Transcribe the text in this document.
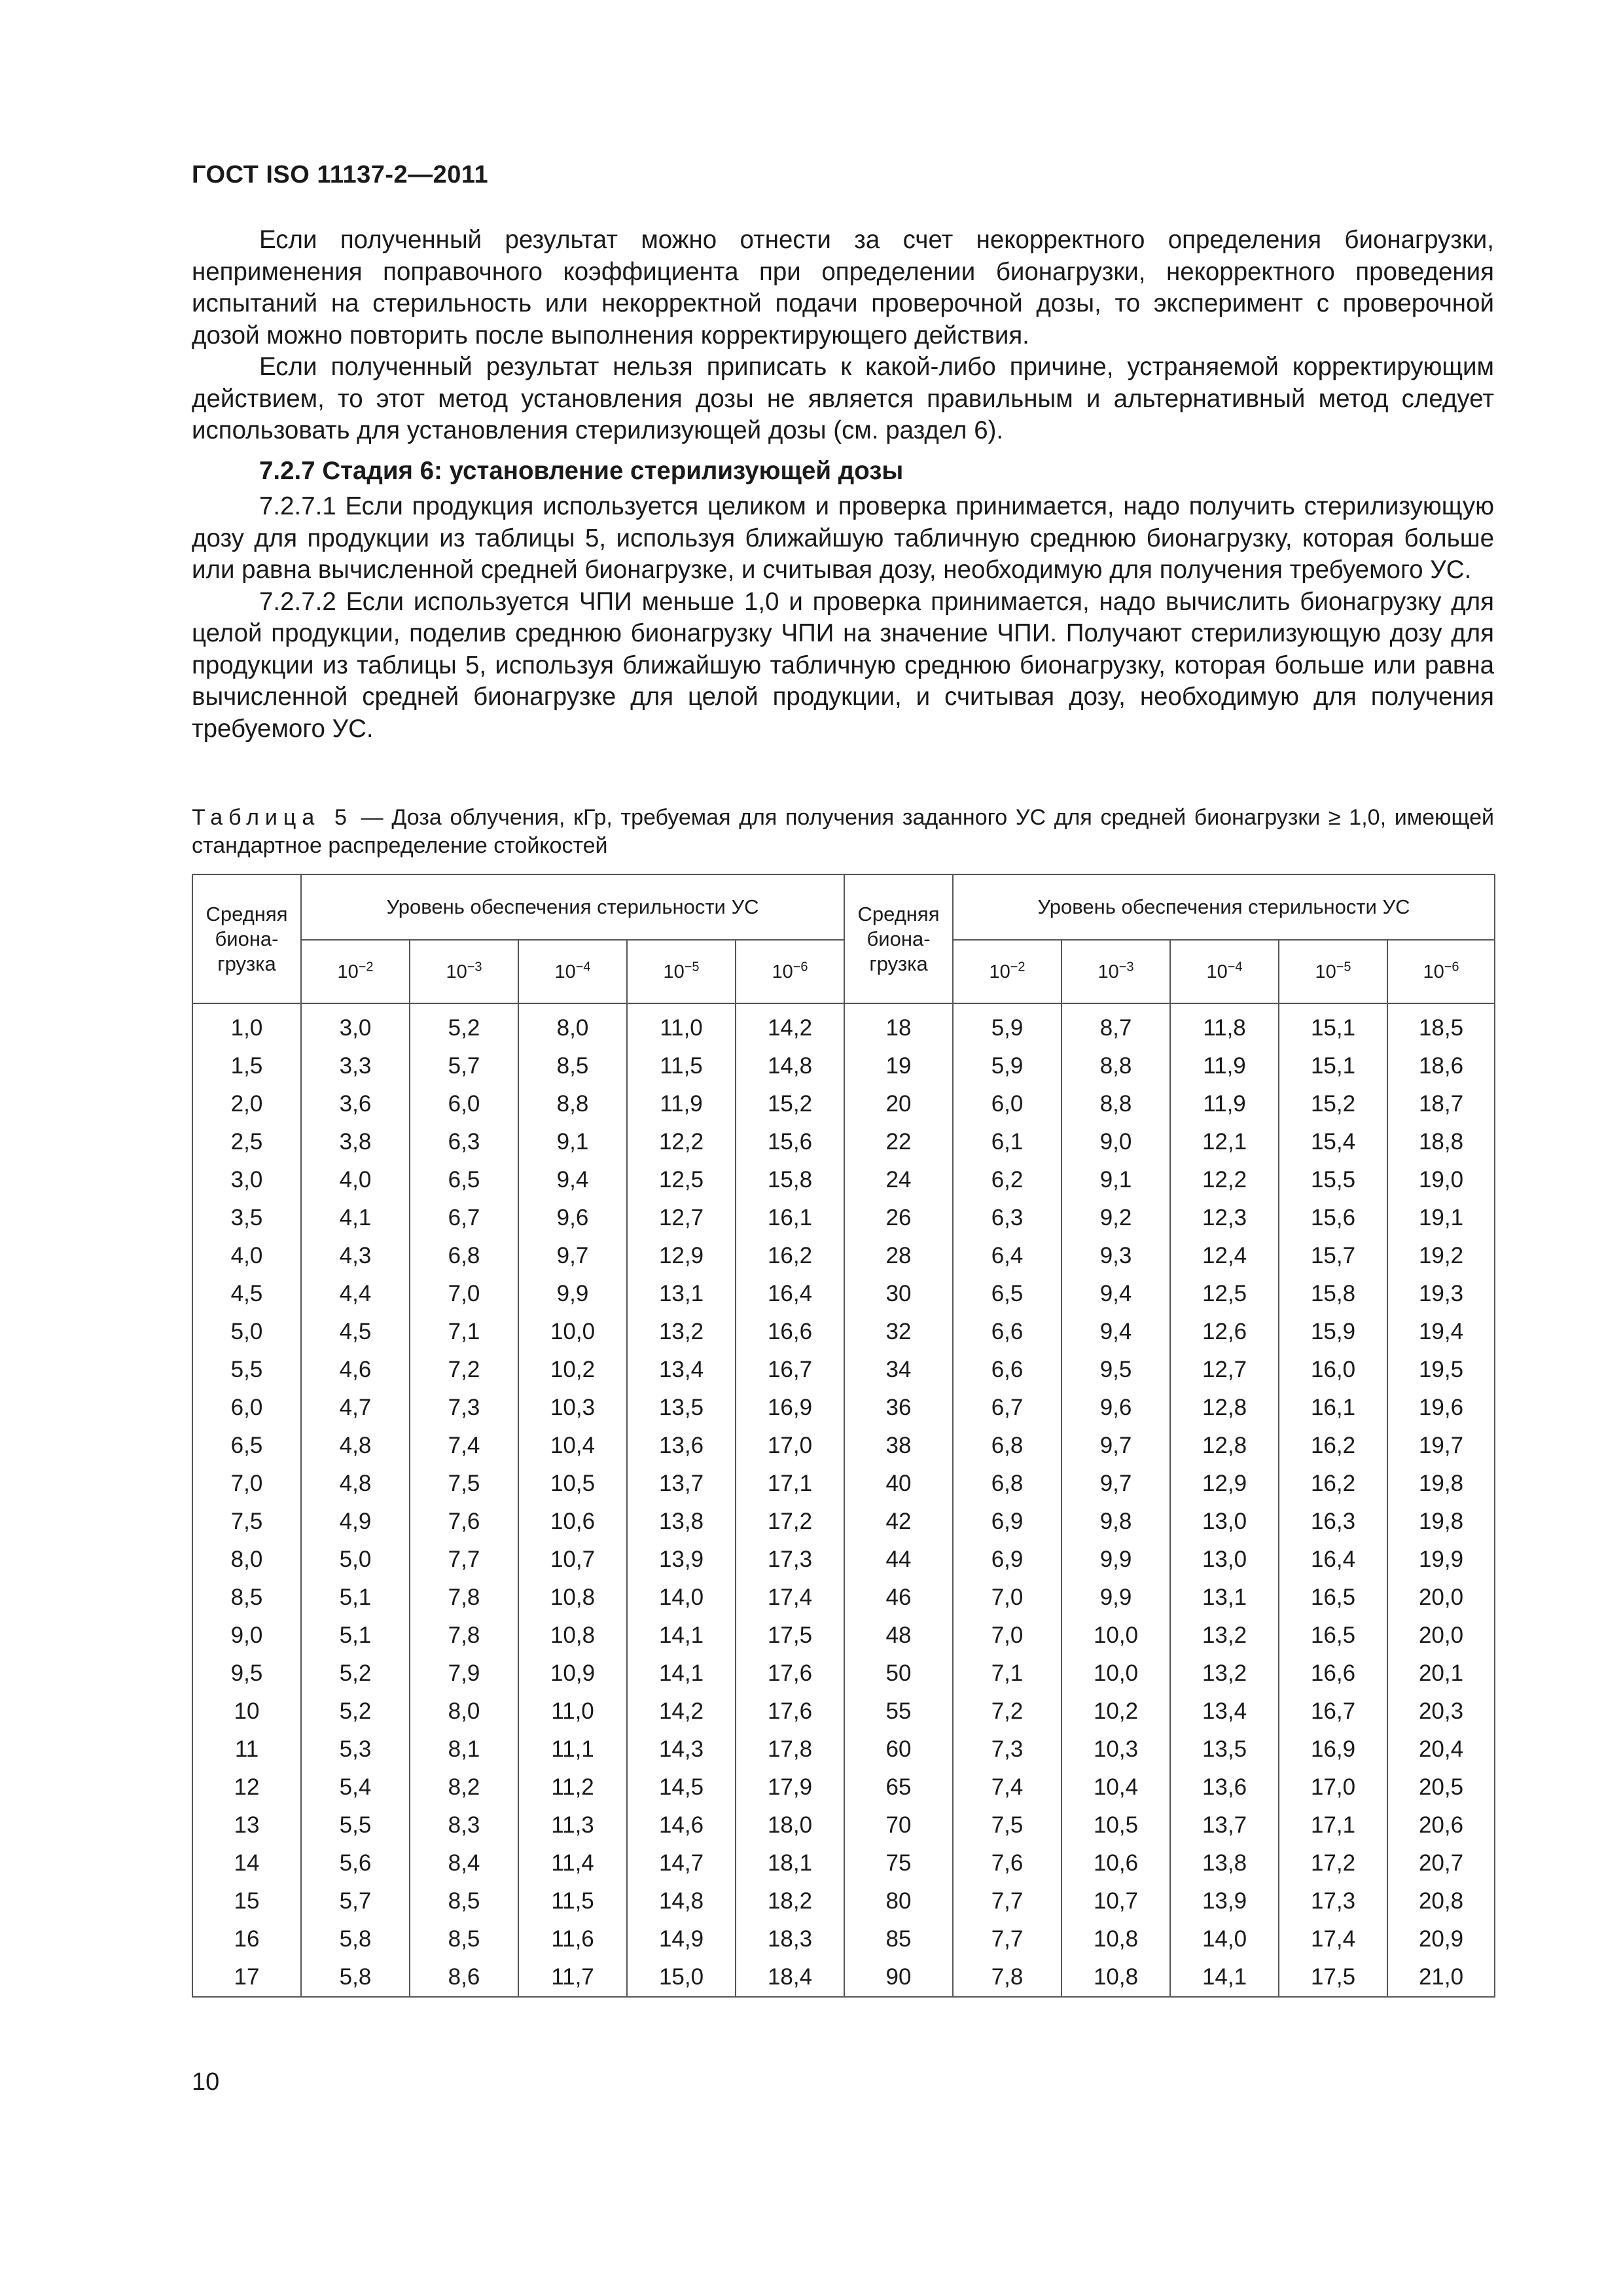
ГОСТ ISO 11137-2—2011

Если полученный результат можно отнести за счет некорректного определения бионагрузки, неприменения поправочного коэффициента при определении бионагрузки, некорректного проведения испытаний на стерильность или некорректной подачи проверочной дозы, то эксперимент с проверочной дозой можно повторить после выполнения корректирующего действия.

Если полученный результат нельзя приписать к какой-либо причине, устраняемой корректирующим действием, то этот метод установления дозы не является правильным и альтернативный метод следует использовать для установления стерилизующей дозы (см. раздел 6).

7.2.7 Стадия 6: установление стерилизующей дозы

7.2.7.1 Если продукция используется целиком и проверка принимается, надо получить стерилизующую дозу для продукции из таблицы 5, используя ближайшую табличную среднюю бионагрузку, которая больше или равна вычисленной средней бионагрузке, и считывая дозу, необходимую для получения требуемого УС.

7.2.7.2 Если используется ЧПИ меньше 1,0 и проверка принимается, надо вычислить бионагрузку для целой продукции, поделив среднюю бионагрузку ЧПИ на значение ЧПИ. Получают стерилизующую дозу для продукции из таблицы 5, используя ближайшую табличную среднюю бионагрузку, которая больше или равна вычисленной средней бионагрузке для целой продукции, и считывая дозу, необходимую для получения требуемого УС.

Таблица 5 — Доза облучения, кГр, требуемая для получения заданного УС для средней бионагрузки ≥ 1,0, имеющей стандартное распределение стойкостей
Средняя биона-грузка	Уровень обеспечения стерильности УС					Средняя биона-грузка	Уровень обеспечения стерильности УС				
	$10^{-2}$	$10^{-3}$	$10^{-4}$	$10^{-5}$	$10^{-6}$		$10^{-2}$	$10^{-3}$	$10^{-4}$	$10^{-5}$	$10^{-6}$

1,0	3,0	5,2	8,0	11,0	14,2	18	5,9	8,7	11,8	15,1	18,5
1,5	3,3	5,7	8,5	11,5	14,8	19	5,9	8,8	11,9	15,1	18,6
2,0	3,6	6,0	8,8	11,9	15,2	20	6,0	8,8	11,9	15,2	18,7
2,5	3,8	6,3	9,1	12,2	15,6	22	6,1	9,0	12,1	15,4	18,8
3,0	4,0	6,5	9,4	12,5	15,8	24	6,2	9,1	12,2	15,5	19,0
3,5	4,1	6,7	9,6	12,7	16,1	26	6,3	9,2	12,3	15,6	19,1
4,0	4,3	6,8	9,7	12,9	16,2	28	6,4	9,3	12,4	15,7	19,2
4,5	4,4	7,0	9,9	13,1	16,4	30	6,5	9,4	12,5	15,8	19,3
5,0	4,5	7,1	10,0	13,2	16,6	32	6,6	9,4	12,6	15,9	19,4
5,5	4,6	7,2	10,2	13,4	16,7	34	6,6	9,5	12,7	16,0	19,5
6,0	4,7	7,3	10,3	13,5	16,9	36	6,7	9,6	12,8	16,1	19,6
6,5	4,8	7,4	10,4	13,6	17,0	38	6,8	9,7	12,8	16,2	19,7
7,0	4,8	7,5	10,5	13,7	17,1	40	6,8	9,7	12,9	16,2	19,8
7,5	4,9	7,6	10,6	13,8	17,2	42	6,9	9,8	13,0	16,3	19,8
8,0	5,0	7,7	10,7	13,9	17,3	44	6,9	9,9	13,0	16,4	19,9
8,5	5,1	7,8	10,8	14,0	17,4	46	7,0	9,9	13,1	16,5	20,0
9,0	5,1	7,8	10,8	14,1	17,5	48	7,0	10,0	13,2	16,5	20,0
9,5	5,2	7,9	10,9	14,1	17,6	50	7,1	10,0	13,2	16,6	20,1
10	5,2	8,0	11,0	14,2	17,6	55	7,2	10,2	13,4	16,7	20,3
11	5,3	8,1	11,1	14,3	17,8	60	7,3	10,3	13,5	16,9	20,4
12	5,4	8,2	11,2	14,5	17,9	65	7,4	10,4	13,6	17,0	20,5
13	5,5	8,3	11,3	14,6	18,0	70	7,5	10,5	13,7	17,1	20,6
14	5,6	8,4	11,4	14,7	18,1	75	7,6	10,6	13,8	17,2	20,7
15	5,7	8,5	11,5	14,8	18,2	80	7,7	10,7	13,9	17,3	20,8
16	5,8	8,5	11,6	14,9	18,3	85	7,7	10,8	14,0	17,4	20,9
17	5,8	8,6	11,7	15,0	18,4	90	7,8	10,8	14,1	17,5	21,0
10
